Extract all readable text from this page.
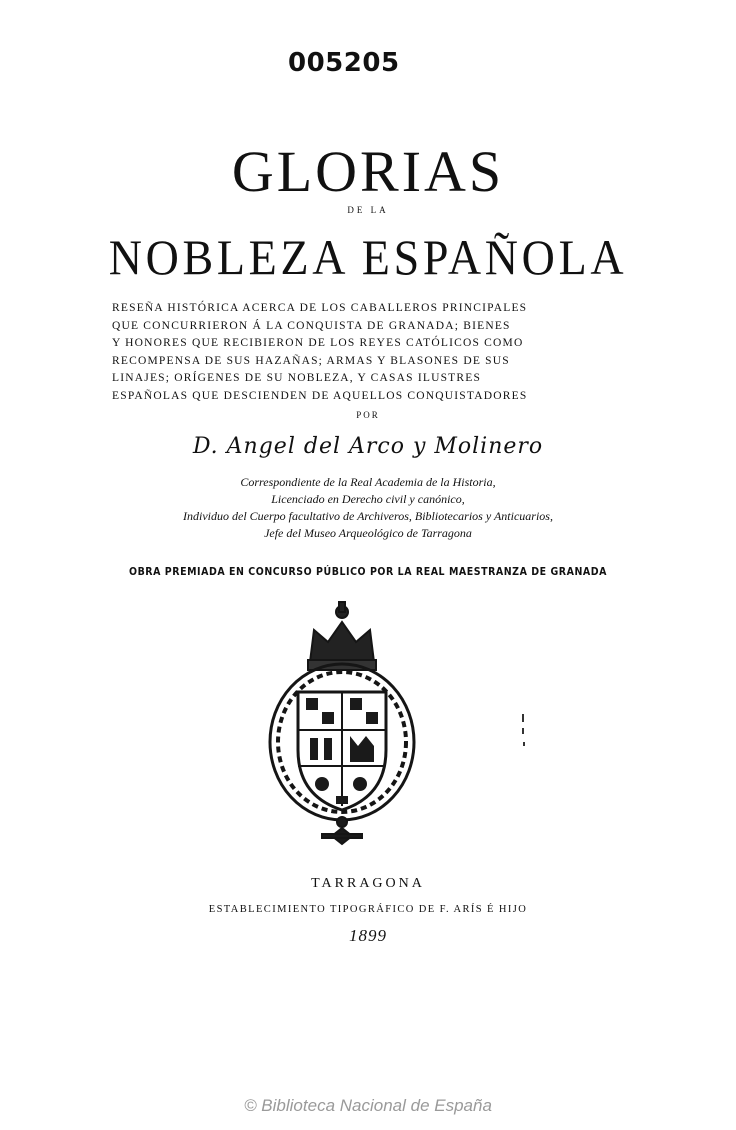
005205
GLORIAS
DE LA
NOBLEZA ESPAÑOLA
RESEÑA HISTÓRICA ACERCA DE LOS CABALLEROS PRINCIPALES
QUE CONCURRIERON Á LA CONQUISTA DE GRANADA; BIENES
Y HONORES QUE RECIBIERON DE LOS REYES CATÓLICOS COMO
RECOMPENSA DE SUS HAZAÑAS; ARMAS Y BLASONES DE SUS
LINAJES; ORÍGENES DE SU NOBLEZA, Y CASAS ILUSTRES
ESPAÑOLAS QUE DESCIENDEN DE AQUELLOS CONQUISTADORES
POR
D. Angel del Arco y Molinero
Correspondiente de la Real Academia de la Historia,
Licenciado en Derecho civil y canónico,
Individuo del Cuerpo facultativo de Archiveros, Bibliotecarios y Anticuarios,
Jefe del Museo Arqueológico de Tarragona
OBRA PREMIADA EN CONCURSO PÚBLICO POR LA REAL MAESTRANZA DE GRANADA
TARRAGONA
ESTABLECIMIENTO TIPOGRÁFICO DE F. ARÍS É HIJO
1899
© Biblioteca Nacional de España
